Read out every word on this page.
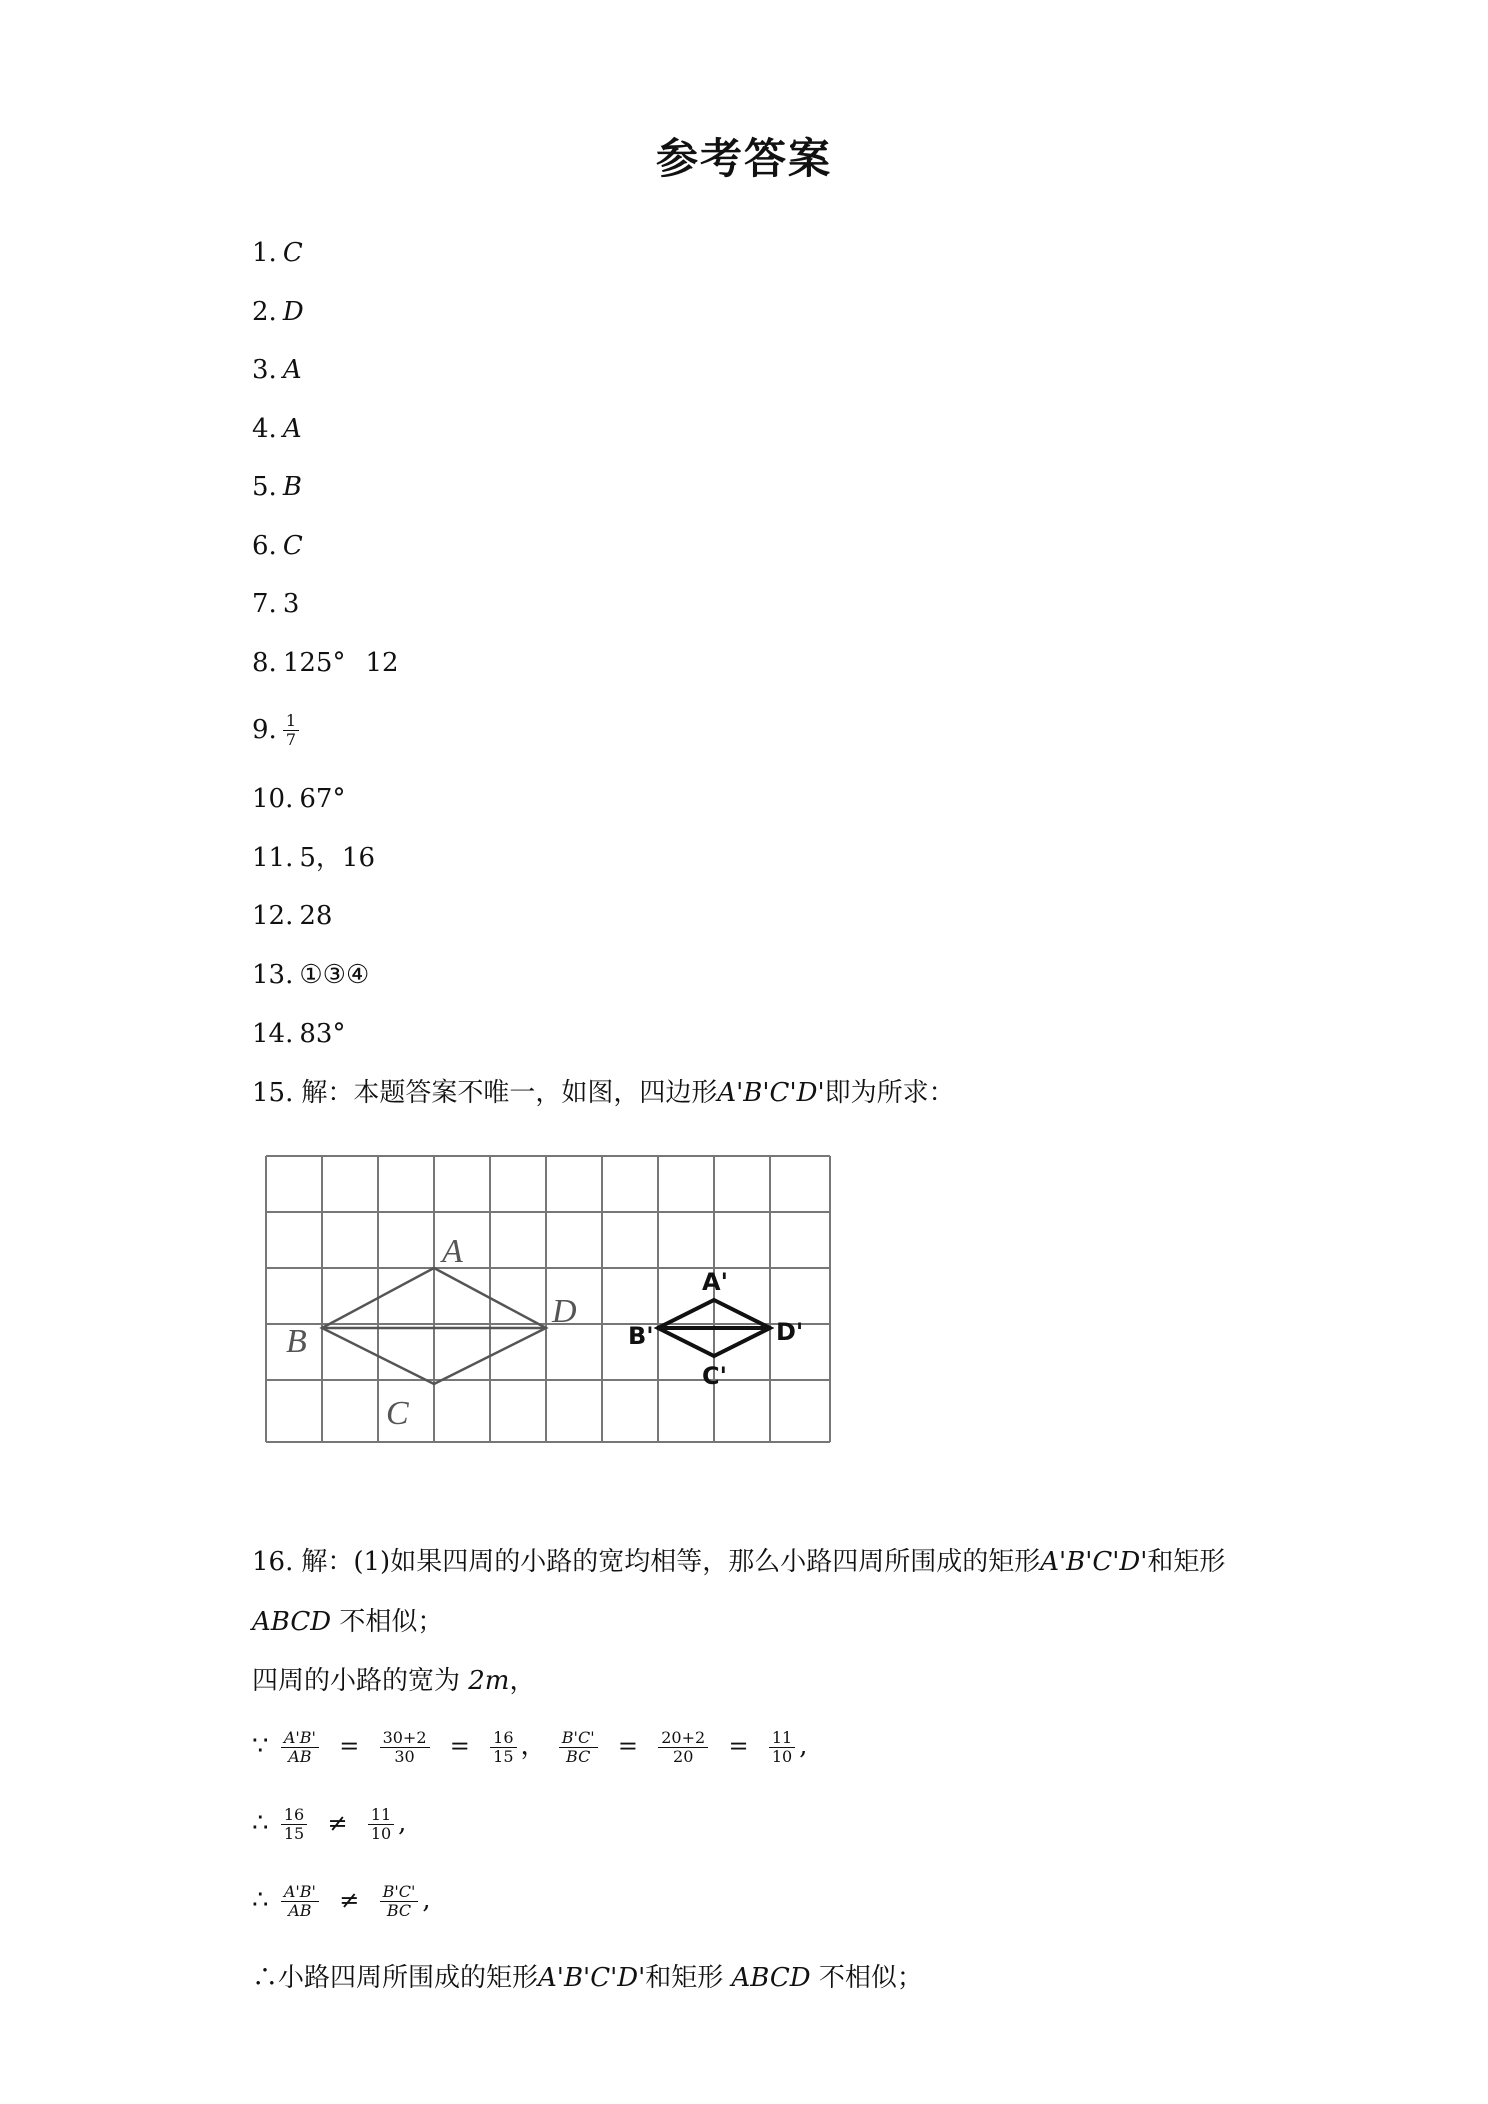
参考答案
1. C
2. D
3. A
4. A
5. B
6. C
7. 3
8. 125° 12
9. $\frac{1}{7}$
10. 67°
11. 5，16
12. 28
13. ①③④
14. 83°
15. 解：本题答案不唯一，如图，四边形A'B'C'D'即为所求：
A
B
C
D
A'
B'
C'
D'
16. 解：(1)如果四周的小路的宽均相等，那么小路四周所围成的矩形A'B'C'D'和矩形
ABCD 不相似；
四周的小路的宽为 2m，
∵ $\frac{A'B'}{AB} = \frac{30+2}{30} = \frac{16}{15}$ ， $\frac{B'C'}{BC} = \frac{20+2}{20} = \frac{11}{10}$ ,
∴ $\frac{16}{15} \ne \frac{11}{10}$ ,
∴ $\frac{A'B'}{AB} \ne \frac{B'C'}{BC}$ ,
∴小路四周所围成的矩形A'B'C'D'和矩形 ABCD 不相似；
